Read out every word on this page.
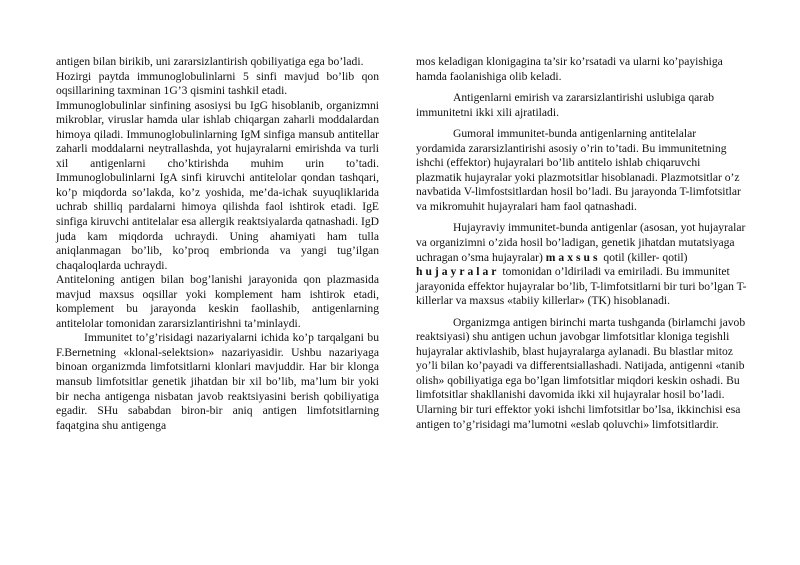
antigen bilan birikib, uni zararsizlantirish qobiliyatiga ega bo’ladi.

Hozirgi paytda immunoglobulinlarni 5 sinfi mavjud bo’lib qon oqsillarining taxminan 1G’3 qismini tashkil etadi.

Immunoglobulinlar sinfining asosiysi bu IgG hisoblanib, organizmni mikroblar, viruslar hamda ular ishlab chiqargan zaharli moddalardan himoya qiladi. Immunoglobulinlarning IgM sinfiga mansub antitellar zaharli moddalarni neytrallashda, yot hujayralarni emirishda va turli xil antigenlarni cho’ktirishda muhim urin to’tadi. Immunoglobulinlarni IgA sinfi kiruvchi antitelolar qondan tashqari, ko’p miqdorda so’lakda, ko’z yoshida, me’da-ichak suyuqliklarida uchrab shilliq pardalarni himoya qilishda faol ishtirok etadi. IgE sinfiga kiruvchi antitelalar esa allergik reaktsiyalarda qatnashadi. IgD juda kam miqdorda uchraydi. Uning ahamiyati ham tulla aniqlanmagan bo’lib, ko’proq embrionda va yangi tug’ilgan chaqaloqlarda uchraydi.

Antiteloning antigen bilan bog’lanishi jarayonida qon plazmasida mavjud maxsus oqsillar yoki komplement ham ishtirok etadi, komplement bu jarayonda keskin faollashib, antigenlarning antitelolar tomonidan zararsizlantirishni ta’minlaydi.

Immunitet to’g’risidagi nazariyalarni ichida ko’p tarqalgani bu F.Bernetning «klonal-selektsion» nazariyasidir. Ushbu nazariyaga binoan organizmda limfotsitlarni klonlari mavjuddir. Har bir klonga mansub limfotsitlar genetik jihatdan bir xil bo’lib, ma’lum bir yoki bir necha antigenga nisbatan javob reaktsiyasini berish qobiliyatiga egadir. SHu sababdan biron-bir aniq antigen limfotsitlarning faqatgina shu antigenga

mos keladigan klonigagina ta’sir ko’rsatadi va ularni ko’payishiga hamda faolanishiga olib keladi.

Antigenlarni emirish va zararsizlantirishi uslubiga qarab immunitetni ikki xili ajratiladi.

Gumoral immunitet-bunda antigenlarning antitelalar yordamida zararsizlantirishi asosiy o’rin to’tadi. Bu immunitetning ishchi (effektor) hujayralari bo’lib antitelo ishlab chiqaruvchi plazmatik hujayralar yoki plazmotsitlar hisoblanadi. Plazmotsitlar o’z navbatida V-limfostsitlardan hosil bo’ladi. Bu jarayonda T-limfotsitlar va mikromuhit hujayralari ham faol qatnashadi.

Hujayraviy immunitet-bunda antigenlar (asosan, yot hujayralar va organizimni o’zida hosil bo’ladigan, genetik jihatdan mutatsiyaga uchragan o’sma hujayralar) maxsus qotil (killer- qotil) hujayralar tomonidan o’ldiriladi va emiriladi. Bu immunitet jarayonida effektor hujayralar bo’lib, T-limfotsitlarni bir turi bo’lgan T-killerlar va maxsus «tabiiy killerlar» (TK) hisoblanadi.

Organizmga antigen birinchi marta tushganda (birlamchi javob reaktsiyasi) shu antigen uchun javobgar limfotsitlar kloniga tegishli hujayralar aktivlashib, blast hujayralarga aylanadi. Bu blastlar mitoz yo’li bilan ko’payadi va differentsiallashadi. Natijada, antigenni «tanib olish» qobiliyatiga ega bo’lgan limfotsitlar miqdori keskin oshadi. Bu limfotsitlar shakllanishi davomida ikki xil hujayralar hosil bo’ladi. Ularning bir turi effektor yoki ishchi limfotsitlar bo’lsa, ikkinchisi esa antigen to’g’risidagi ma’lumotni «eslab qoluvchi» limfotsitlardir.
